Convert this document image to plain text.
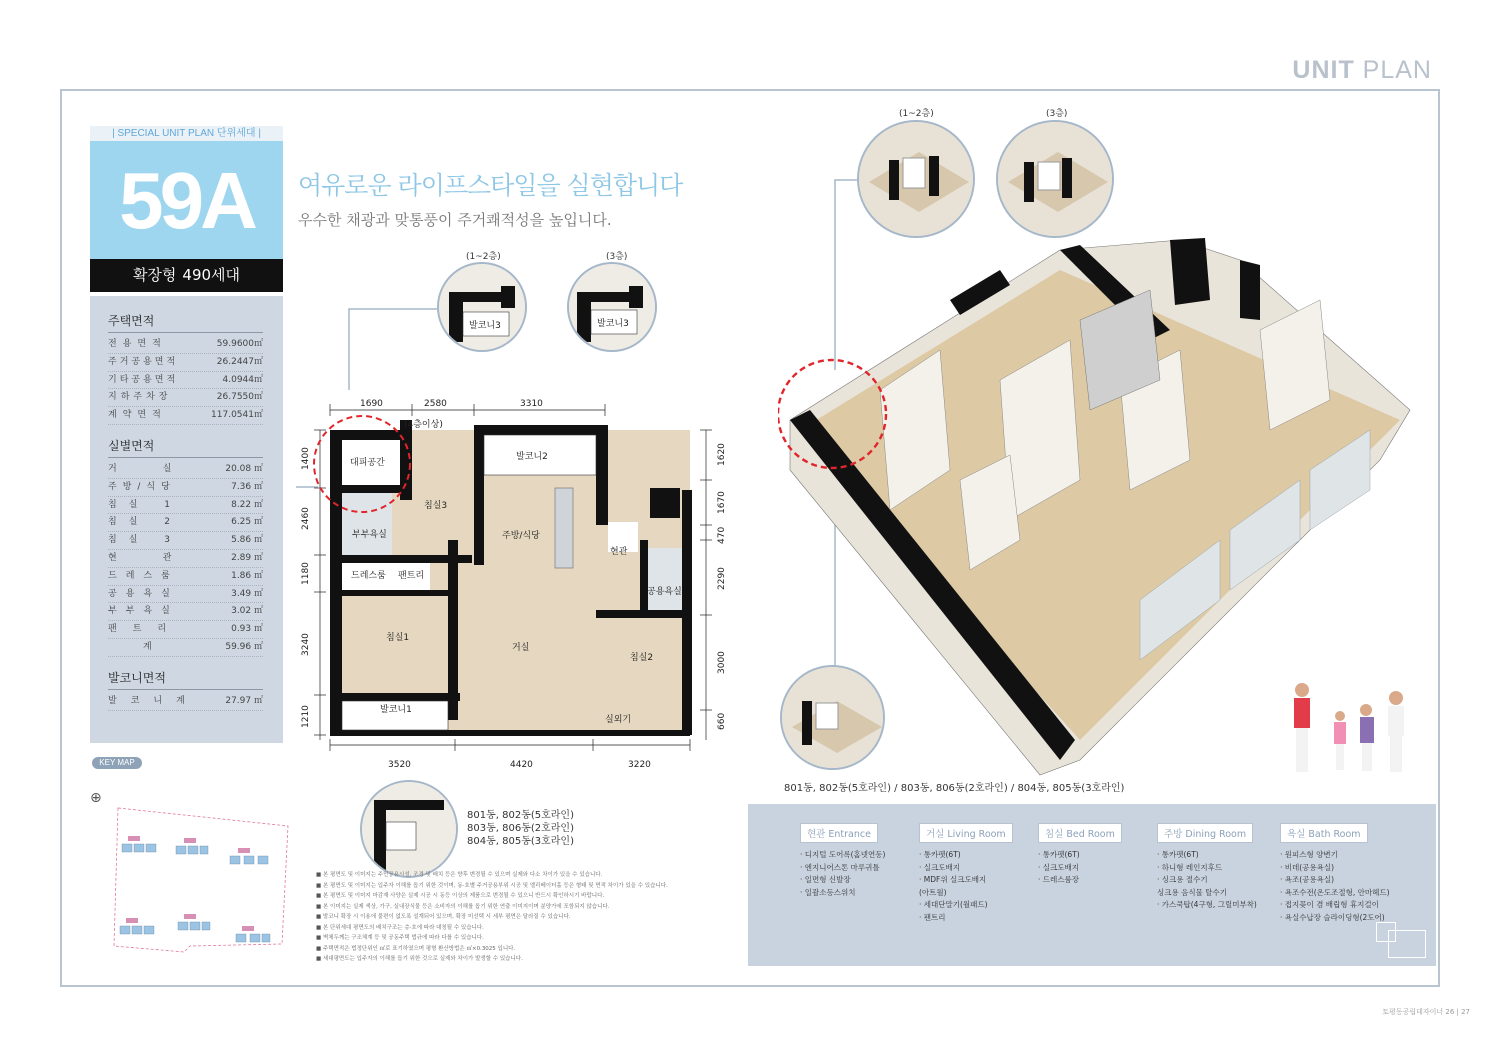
UNIT PLAN
| SPECIAL UNIT PLAN 단위세대 |
59A
확장형 490세대
주택면적
전용면적	59.9600㎡
주거공용면적	26.2447㎡
기타공용면적	4.0944㎡
지하주차장	26.7550㎡
계약면적	117.0541㎡
실별면적
거실 20.08 ㎡
주방/식당	7.36 ㎡
침실 1	8.22 ㎡
침실 2	6.25 ㎡
침실 3	5.86 ㎡
현관 2.89 ㎡
드레스룸	1.86 ㎡
공용욕실	3.49 ㎡
부부욕실	3.02 ㎡
팬트리	0.93 ㎡
계	59.96 ㎡
발코니면적
발코니계	27.97 ㎡
KEY MAP
⊕
여유로운 라이프스타일을 실현합니다
우수한 채광과 맞통풍이 주거쾌적성을 높입니다.
(1~2층)	(3층)
발코니3	발코니3
1690	2580	3310
3520	4420	3220
(4층이상)
1400
2460
1180
3240
1210
1620
1670
470
2290
3000
660
대피공간
발코니2
침실3
주방/식당
부부욕실
현관
드레스룸 팬트리
공용욕실
침실1
거실
침실2
발코니1
실외기
801동, 802동(5호라인)
803동, 806동(2호라인)
804동, 805동(3호라인)
■ 본 평면도 및 이미지는 주민공용시설, 조경 및 배치 등은 향후 변경될 수 있으며 실제와 다소 차이가 있을 수 있습니다.
■ 본 평면도 및 이미지는 입주자 이해를 돕기 위한 것이며, 동·호별 주거공용부위 시공 및 엘리베이터홀 등은 형태 및 면적 차이가 있을 수 있습니다.
■ 본 평면도 및 이미지 마감재 사양은 실제 시공 시 동등 이상의 제품으로 변경될 수 있으니 반드시 확인하시기 바랍니다.
■ 본 이미지는 실제 색상, 가구, 실내장식물 등은 소비자의 이해를 돕기 위한 연출 이미지이며 분양가에 포함되지 않습니다.
■ 발코니 확장 시 이용에 불편이 없도록 설계되어 있으며, 확장 미선택 시 세부 평면은 달라질 수 있습니다.
■ 본 단위세대 평면도의 배치구조는 층·호에 따라 대칭될 수 있습니다.
■ 벽체두께는 구조체계 등 및 공동주택 법규에 따라 다를 수 있습니다.
■ 주택면적은 법정단위인 ㎡로 표기하였으며 평형 환산방법은 ㎡×0.3025 입니다.
■ 세대평면도는 입주자의 이해를 돕기 위한 것으로 실제와 차이가 발생할 수 있습니다.
(1~2층)	(3층)
801동, 802동(5호라인) / 803동, 806동(2호라인) / 804동, 805동(3호라인)
현관 Entrance
· 디지털 도어록(홈넷연동)
· 엔지니어스톤 마루귀틀
· 일면형 신발장
· 일괄소등스위치
거실 Living Room
· 통카펫(6T)
· 실크도배지
· MDF위 실크도배지
(아트월)
· 세대단말기(월패드)
· 팬트리
침실 Bed Room
· 통카펫(6T)
· 실크도배지
· 드레스룸장
주방 Dining Room
· 통카펫(6T)
· 하니형 레인지후드
· 싱크용 절수기
싱크용 음식물 탈수기
· 가스쿡탑(4구형, 그릴미부착)
욕실 Bath Room
· 원피스형 양변기
· 비데(공용욕실)
· 욕조(공용욕실)
· 욕조수전(온도조절형, 안마헤드)
· 접지꽂이 겸 배립형 휴지걸이
· 욕실수납장 슬라이딩형(2도어)
토평동공립데자이너 26 | 27
